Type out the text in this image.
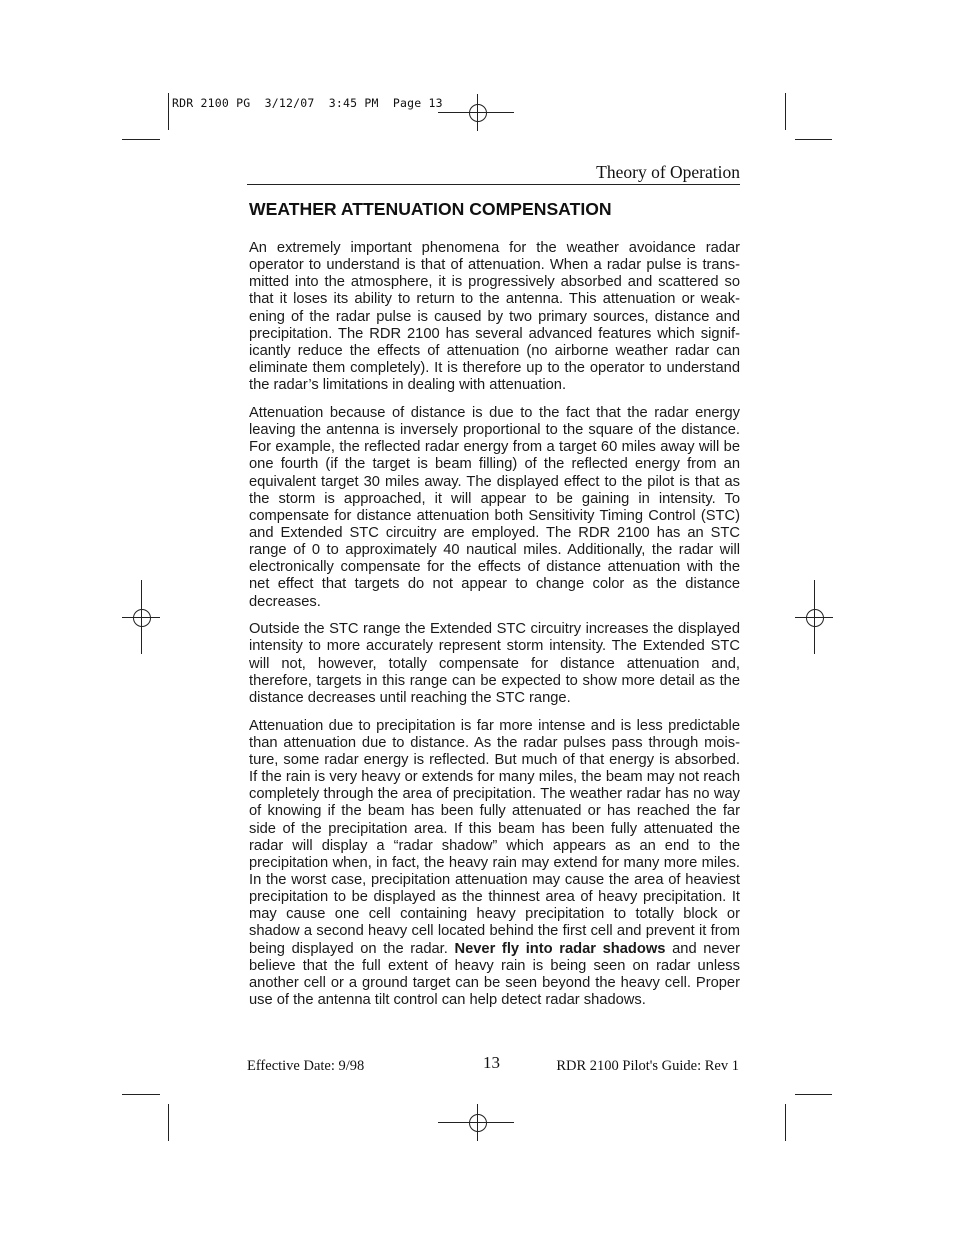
RDR 2100 PG  3/12/07  3:45 PM  Page 13
Theory of Operation
WEATHER ATTENUATION COMPENSATION

An extremely important phenomena for the weather avoidance radar operator to understand is that of attenuation. When a radar pulse is transmitted into the atmosphere, it is progressively absorbed and scattered so that it loses its ability to return to the antenna. This attenuation or weakening of the radar pulse is caused by two primary sources, distance and precipitation. The RDR 2100 has several advanced features which significantly reduce the effects of attenuation (no airborne weather radar can eliminate them completely). It is therefore up to the operator to understand the radar’s limitations in dealing with attenuation.

Attenuation because of distance is due to the fact that the radar energy leaving the antenna is inversely proportional to the square of the distance. For example, the reflected radar energy from a target 60 miles away will be one fourth (if the target is beam filling) of the reflected energy from an equivalent target 30 miles away. The displayed effect to the pilot is that as the storm is approached, it will appear to be gaining in intensity. To compensate for distance attenuation both Sensitivity Timing Control (STC) and Extended STC circuitry are employed. The RDR 2100 has an STC range of 0 to approximately 40 nautical miles. Additionally, the radar will electronically compensate for the effects of distance attenuation with the net effect that targets do not appear to change color as the distance decreases.

Outside the STC range the Extended STC circuitry increases the displayed intensity to more accurately represent storm intensity. The Extended STC will not, however, totally compensate for distance attenuation and, therefore, targets in this range can be expected to show more detail as the distance decreases until reaching the STC range.

Attenuation due to precipitation is far more intense and is less predictable than attenuation due to distance. As the radar pulses pass through moisture, some radar energy is reflected. But much of that energy is absorbed. If the rain is very heavy or extends for many miles, the beam may not reach completely through the area of precipitation. The weather radar has no way of knowing if the beam has been fully attenuated or has reached the far side of the precipitation area. If this beam has been fully attenuated the radar will display a “radar shadow” which appears as an end to the precipitation when, in fact, the heavy rain may extend for many more miles. In the worst case, precipitation attenuation may cause the area of heaviest precipitation to be displayed as the thinnest area of heavy precipitation. It may cause one cell containing heavy precipitation to totally block or shadow a second heavy cell located behind the first cell and prevent it from being displayed on the radar. Never fly into radar shadows and never believe that the full extent of heavy rain is being seen on radar unless another cell or a ground target can be seen beyond the heavy cell. Proper use of the antenna tilt control can help detect radar shadows.

Effective Date: 9/98	13	RDR 2100 Pilot's Guide: Rev 1
